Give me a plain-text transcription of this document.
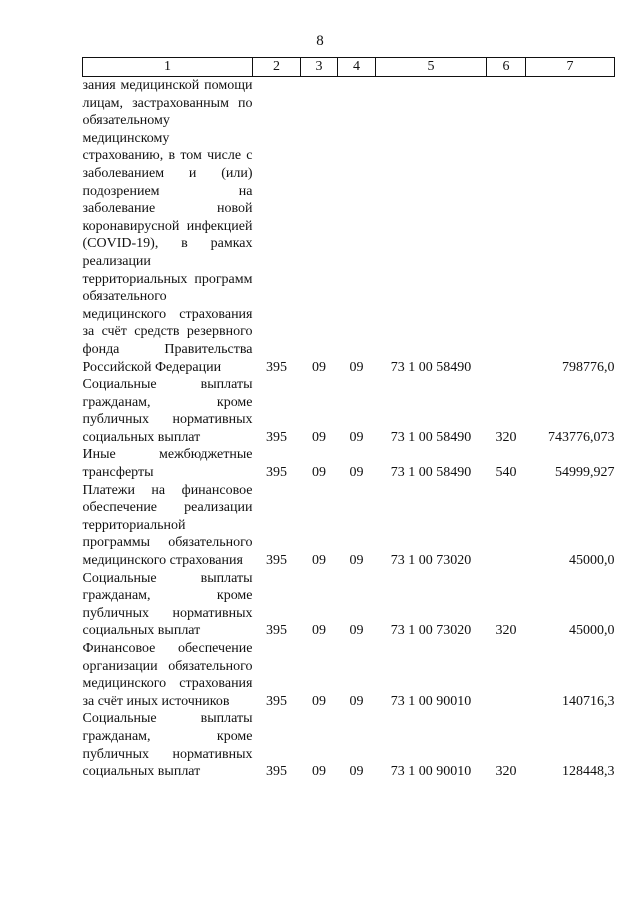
8
1	2	3	4	5	6	7
зания медицинской помощи лицам, застрахованным по обязательному медицинскому страхованию, в том числе с заболеванием и (или) подозрением на заболевание новой коронавирусной инфекцией (COVID-19), в рамках реализации территориальных программ обязательного медицинского страхования за счёт средств резервного фонда Правительства Российской Федерации	395	09	09	73 1 00 58490		798776,0
Социальные выплаты гражданам, кроме публичных нормативных социальных выплат	395	09	09	73 1 00 58490	320	743776,073
Иные межбюджетные трансферты	395	09	09	73 1 00 58490	540	54999,927
Платежи на финансовое обеспечение реализации территориальной программы обязательного медицинского страхования	395	09	09	73 1 00 73020		45000,0
Социальные выплаты гражданам, кроме публичных нормативных социальных выплат	395	09	09	73 1 00 73020	320	45000,0
Финансовое обеспечение организации обязательного медицинского страхования за счёт иных источников	395	09	09	73 1 00 90010		140716,3
Социальные выплаты гражданам, кроме публичных нормативных социальных выплат	395	09	09	73 1 00 90010	320	128448,3
